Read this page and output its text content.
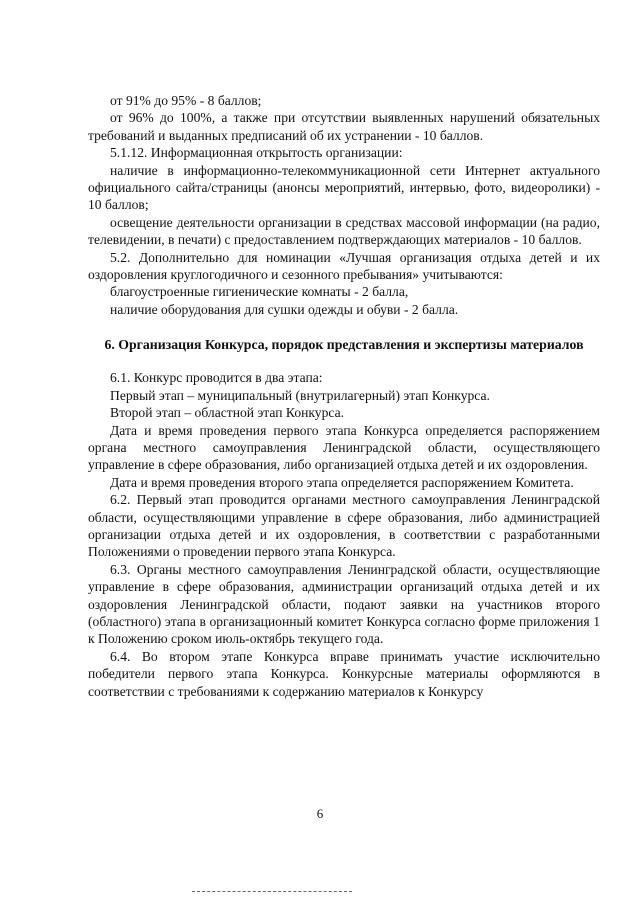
от 91% до 95% - 8 баллов;

от 96% до 100%, а также при отсутствии выявленных нарушений обязательных требований и выданных предписаний об их устранении - 10 баллов.

5.1.12. Информационная открытость организации:

наличие в информационно-телекоммуникационной сети Интернет актуального официального сайта/страницы (анонсы мероприятий, интервью, фото, видеоролики) - 10 баллов;

освещение деятельности организации в средствах массовой информации (на радио, телевидении, в печати) с предоставлением подтверждающих материалов - 10 баллов.

5.2. Дополнительно для номинации «Лучшая организация отдыха детей и их оздоровления круглогодичного и сезонного пребывания» учитываются:

благоустроенные гигиенические комнаты - 2 балла,

наличие оборудования для сушки одежды и обуви - 2 балла.

6. Организация Конкурса, порядок представления и экспертизы материалов

6.1. Конкурс проводится в два этапа:

Первый этап – муниципальный (внутрилагерный) этап Конкурса.

Второй этап – областной этап Конкурса.

Дата и время проведения первого этапа Конкурса определяется распоряжением органа местного самоуправления Ленинградской области, осуществляющего управление в сфере образования, либо организацией отдыха детей и их оздоровления.

Дата и время проведения второго этапа определяется распоряжением Комитета.

6.2. Первый этап проводится органами местного самоуправления Ленинградской области, осуществляющими управление в сфере образования, либо администрацией организации отдыха детей и их оздоровления, в соответствии с разработанными Положениями о проведении первого этапа Конкурса.

6.3. Органы местного самоуправления Ленинградской области, осуществляющие управление в сфере образования, администрации организаций отдыха детей и их оздоровления Ленинградской области, подают заявки на участников второго (областного) этапа в организационный комитет Конкурса согласно форме приложения 1 к Положению сроком июль-октябрь текущего года.

6.4. Во втором этапе Конкурса вправе принимать участие исключительно победители первого этапа Конкурса. Конкурсные материалы оформляются в соответствии с требованиями к содержанию материалов к Конкурсу

6
